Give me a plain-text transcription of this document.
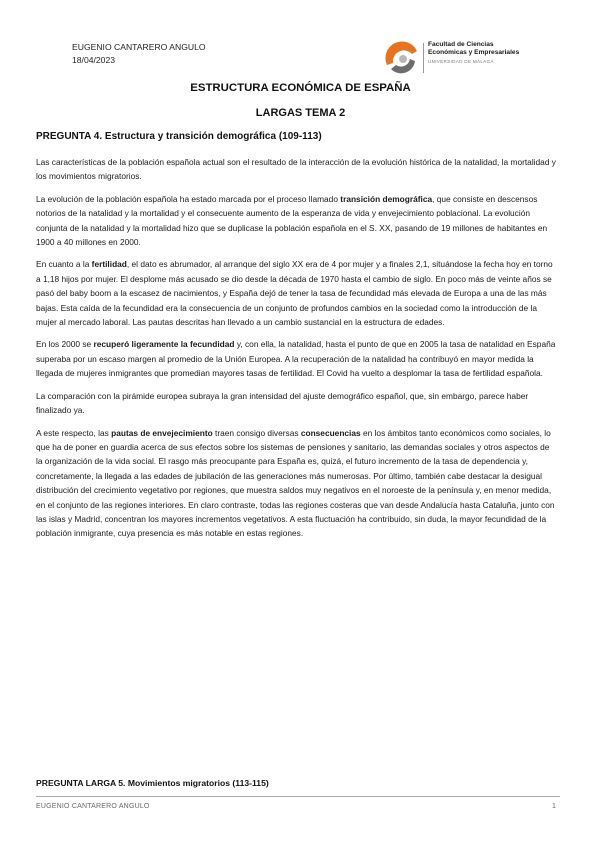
EUGENIO CANTARERO ANGULO
18/04/2023
Facultad de Ciencias
Económicas y Empresariales
UNIVERSIDAD DE MÁLAGA
ESTRUCTURA ECONÓMICA DE ESPAÑA
LARGAS TEMA 2
PREGUNTA 4. Estructura y transición demográfica (109-113)

Las características de la población española actual son el resultado de la interacción de la evolución histórica de la natalidad, la mortalidad y los movimientos migratorios.

La evolución de la población española ha estado marcada por el proceso llamado transición demográfica, que consiste en descensos notorios de la natalidad y la mortalidad y el consecuente aumento de la esperanza de vida y envejecimiento poblacional. La evolución conjunta de la natalidad y la mortalidad hizo que se duplicase la población española en el S. XX, pasando de 19 millones de habitantes en 1900 a 40 millones en 2000.

En cuanto a la fertilidad, el dato es abrumador, al arranque del siglo XX era de 4 por mujer y a finales 2,1, situándose la fecha hoy en torno a 1,18 hijos por mujer. El desplome más acusado se dio desde la década de 1970 hasta el cambio de siglo. En poco más de veinte años se pasó del baby boom a la escasez de nacimientos, y España dejó de tener la tasa de fecundidad más elevada de Europa a una de las más bajas. Esta caída de la fecundidad era la consecuencia de un conjunto de profundos cambios en la sociedad como la introducción de la mujer al mercado laboral. Las pautas descritas han llevado a un cambio sustancial en la estructura de edades.

En los 2000 se recuperó ligeramente la fecundidad y, con ella, la natalidad, hasta el punto de que en 2005 la tasa de natalidad en España superaba por un escaso margen al promedio de la Unión Europea. A la recuperación de la natalidad ha contribuyó en mayor medida la llegada de mujeres inmigrantes que promedian mayores tasas de fertilidad. El Covid ha vuelto a desplomar la tasa de fertilidad española.

La comparación con la pirámide europea subraya la gran intensidad del ajuste demográfico español, que, sin embargo, parece haber finalizado ya.

A este respecto, las pautas de envejecimiento traen consigo diversas consecuencias en los ámbitos tanto económicos como sociales, lo que ha de poner en guardia acerca de sus efectos sobre los sistemas de pensiones y sanitario, las demandas sociales y otros aspectos de la organización de la vida social. El rasgo más preocupante para España es, quizá, el futuro incremento de la tasa de dependencia y, concretamente, la llegada a las edades de jubilación de las generaciones más numerosas. Por último, también cabe destacar la desigual distribución del crecimiento vegetativo por regiones, que muestra saldos muy negativos en el noroeste de la península y, en menor medida, en el conjunto de las regiones interiores. En claro contraste, todas las regiones costeras que van desde Andalucía hasta Cataluña, junto con las islas y Madrid, concentran los mayores incrementos vegetativos. A esta fluctuación ha contribuido, sin duda, la mayor fecundidad de la población inmigrante, cuya presencia es más notable en estas regiones.

PREGUNTA LARGA 5. Movimientos migratorios (113-115)
EUGENIO CANTARERO ANGULO	1
